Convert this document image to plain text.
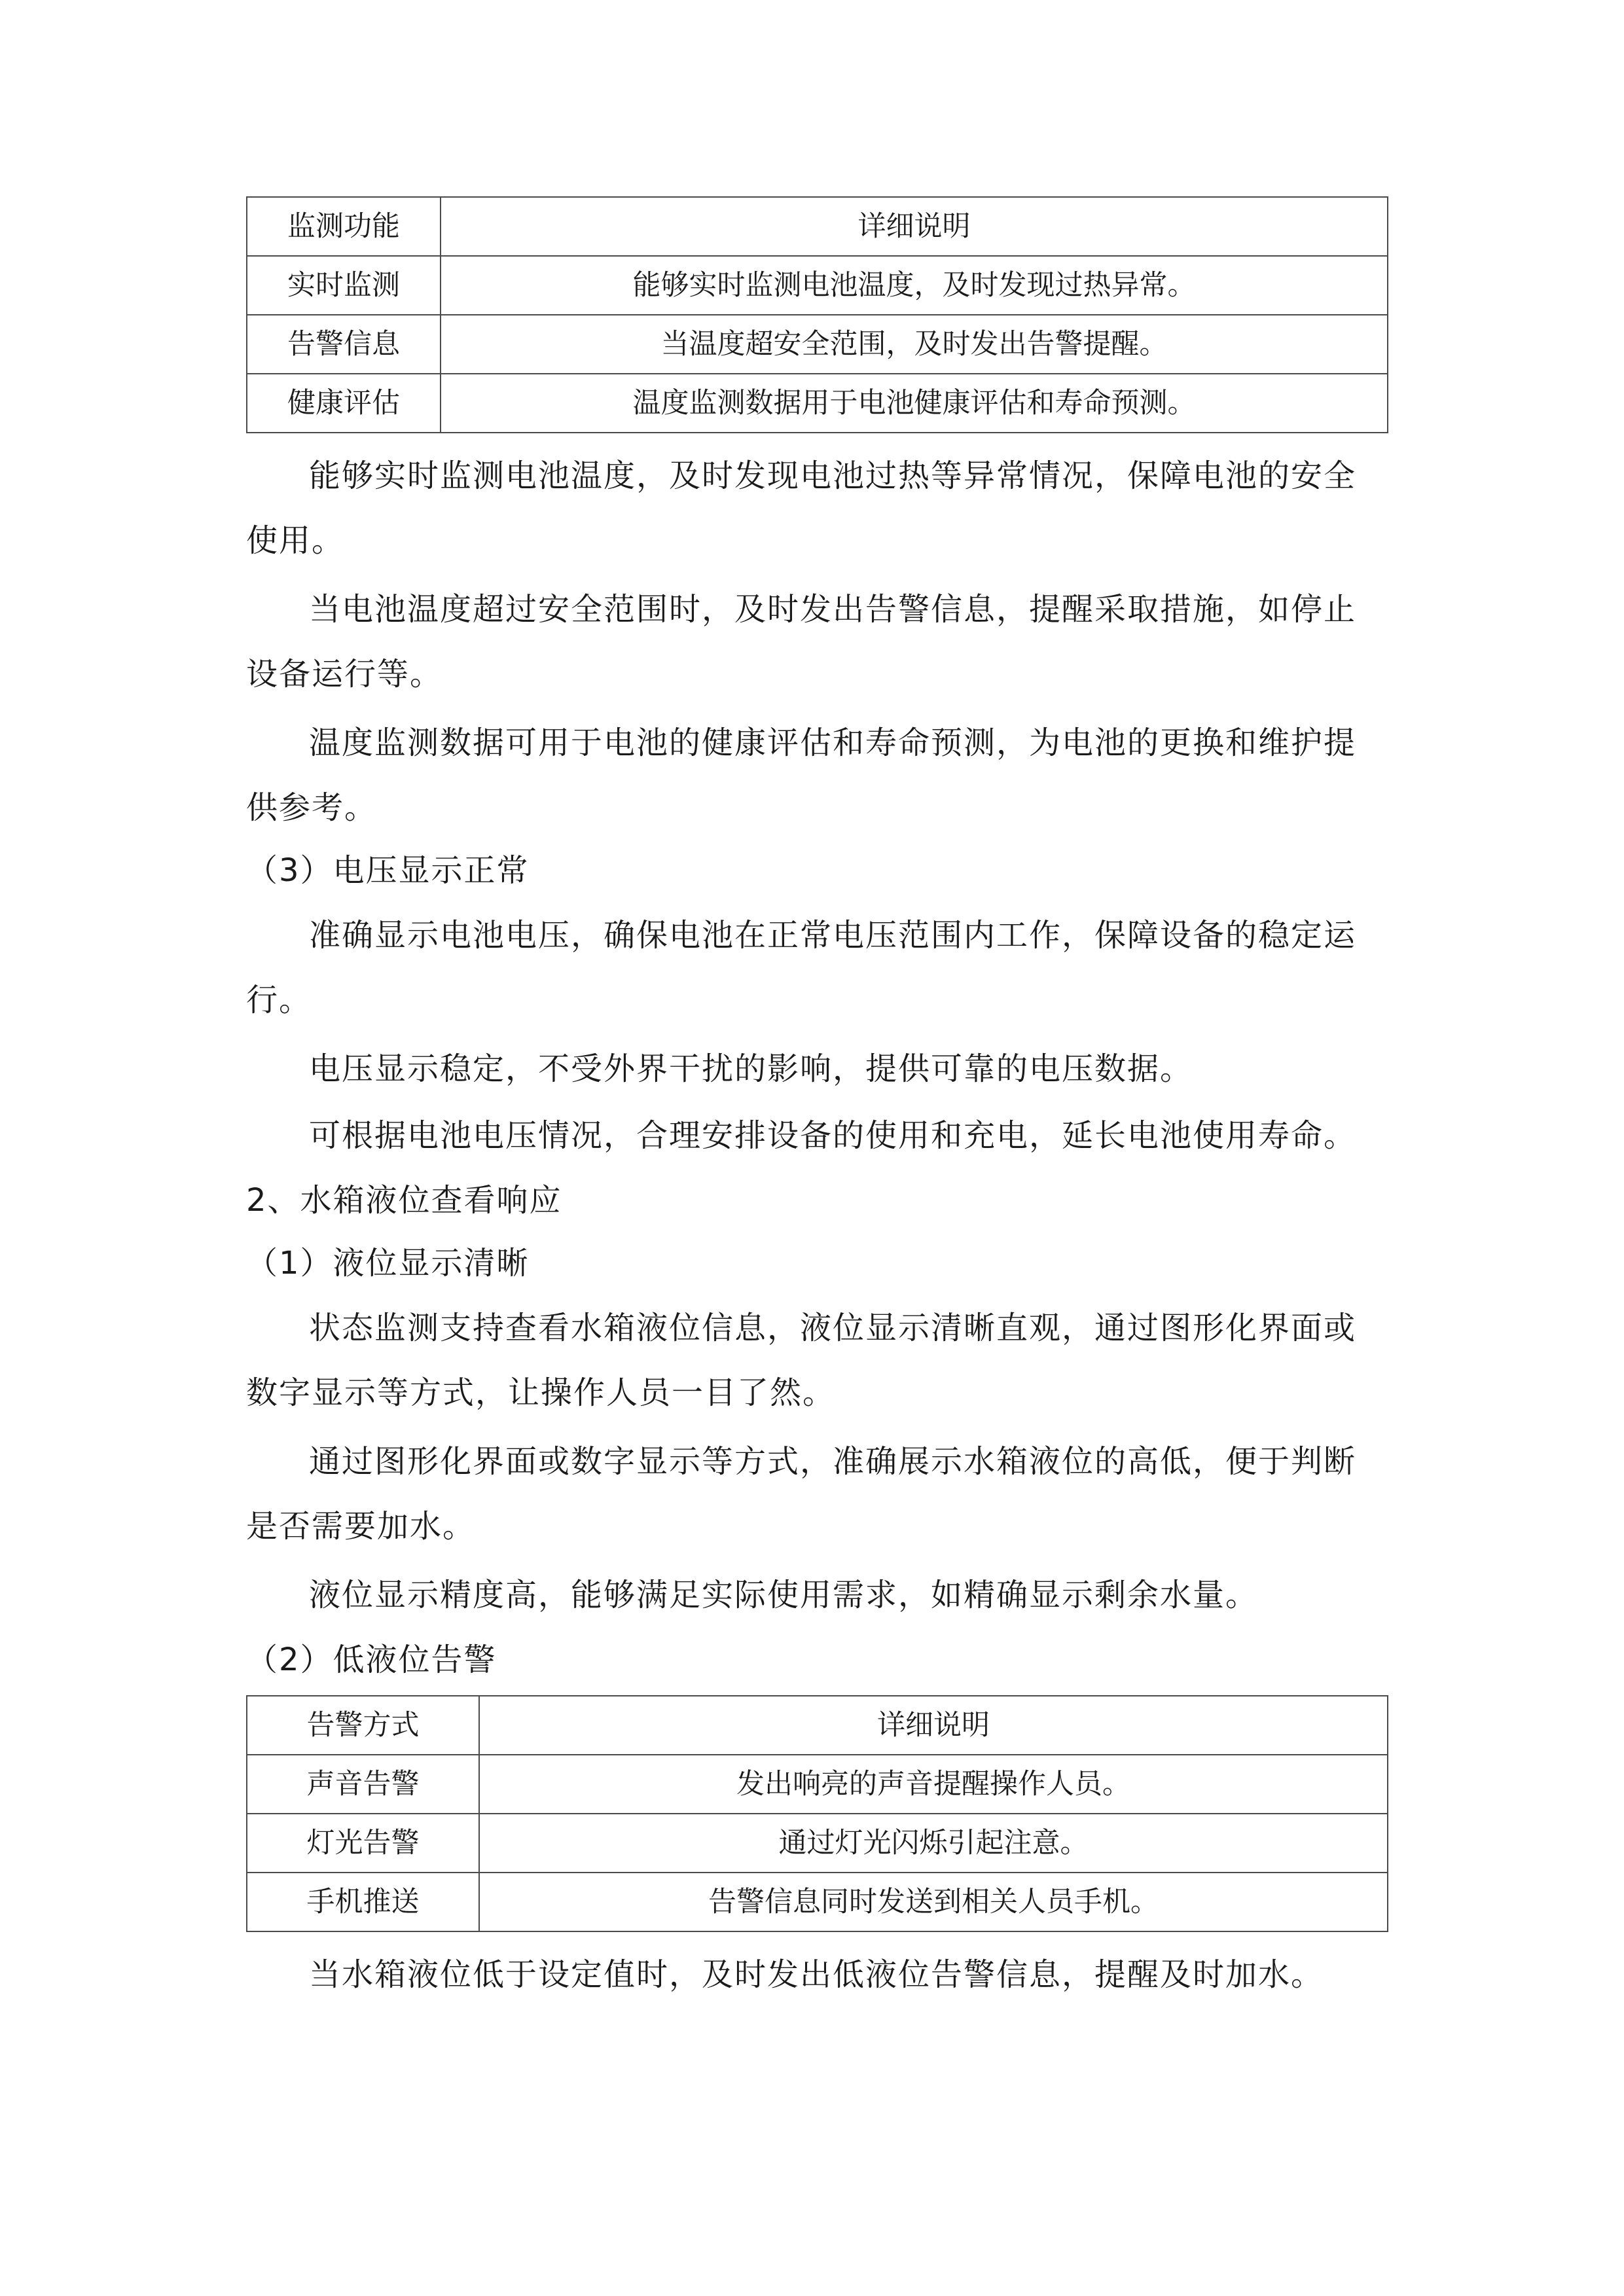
监测功能	详细说明
实时监测	能够实时监测电池温度，及时发现过热异常。
告警信息	当温度超安全范围，及时发出告警提醒。
健康评估	温度监测数据用于电池健康评估和寿命预测。

能够实时监测电池温度，及时发现电池过热等异常情况，保障电池的安全

使用。

当电池温度超过安全范围时，及时发出告警信息，提醒采取措施，如停止

设备运行等。

温度监测数据可用于电池的健康评估和寿命预测，为电池的更换和维护提

供参考。

（3）电压显示正常

准确显示电池电压，确保电池在正常电压范围内工作，保障设备的稳定运

行。

电压显示稳定，不受外界干扰的影响，提供可靠的电压数据。

可根据电池电压情况，合理安排设备的使用和充电，延长电池使用寿命。

2、水箱液位查看响应

（1）液位显示清晰

状态监测支持查看水箱液位信息，液位显示清晰直观，通过图形化界面或

数字显示等方式，让操作人员一目了然。

通过图形化界面或数字显示等方式，准确展示水箱液位的高低，便于判断

是否需要加水。

液位显示精度高，能够满足实际使用需求，如精确显示剩余水量。

（2）低液位告警

告警方式	详细说明
声音告警	发出响亮的声音提醒操作人员。
灯光告警	通过灯光闪烁引起注意。
手机推送	告警信息同时发送到相关人员手机。

当水箱液位低于设定值时，及时发出低液位告警信息，提醒及时加水。
